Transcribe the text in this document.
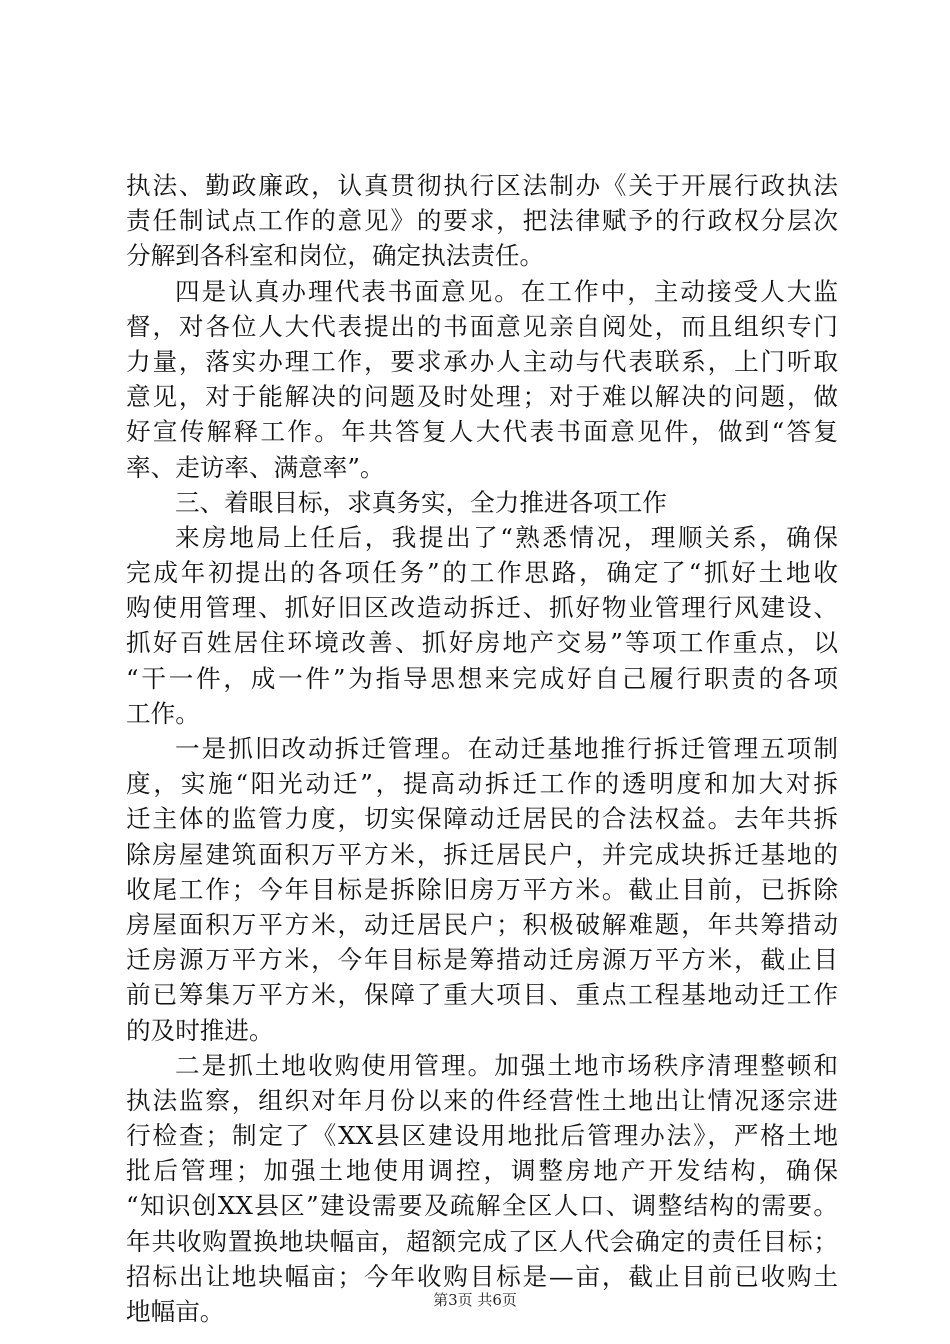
执法、勤政廉政，认真贯彻执行区法制办《关于开展行政执法
责任制试点工作的意见》的要求，把法律赋予的行政权分层次
分解到各科室和岗位，确定执法责任。
四是认真办理代表书面意见。在工作中，主动接受人大监
督，对各位人大代表提出的书面意见亲自阅处，而且组织专门
力量，落实办理工作，要求承办人主动与代表联系，上门听取
意见，对于能解决的问题及时处理；对于难以解决的问题，做
好宣传解释工作。年共答复人大代表书面意见件，做到“答复
率、走访率、满意率”。
三、着眼目标，求真务实，全力推进各项工作
来房地局上任后，我提出了“熟悉情况，理顺关系，确保
完成年初提出的各项任务”的工作思路，确定了“抓好土地收
购使用管理、抓好旧区改造动拆迁、抓好物业管理行风建设、
抓好百姓居住环境改善、抓好房地产交易”等项工作重点，以
“干一件，成一件”为指导思想来完成好自己履行职责的各项
工作。
一是抓旧改动拆迁管理。在动迁基地推行拆迁管理五项制
度，实施“阳光动迁”，提高动拆迁工作的透明度和加大对拆
迁主体的监管力度，切实保障动迁居民的合法权益。去年共拆
除房屋建筑面积万平方米，拆迁居民户，并完成块拆迁基地的
收尾工作；今年目标是拆除旧房万平方米。截止目前，已拆除
房屋面积万平方米，动迁居民户；积极破解难题，年共筹措动
迁房源万平方米，今年目标是筹措动迁房源万平方米，截止目
前已筹集万平方米，保障了重大项目、重点工程基地动迁工作
的及时推进。
二是抓土地收购使用管理。加强土地市场秩序清理整顿和
执法监察，组织对年月份以来的件经营性土地出让情况逐宗进
行检查；制定了《XX县区建设用地批后管理办法》，严格土地
批后管理；加强土地使用调控，调整房地产开发结构，确保
“知识创XX县区”建设需要及疏解全区人口、调整结构的需要。
年共收购置换地块幅亩，超额完成了区人代会确定的责任目标；
招标出让地块幅亩；今年收购目标是—亩，截止目前已收购土
地幅亩。	第3页 共6页
